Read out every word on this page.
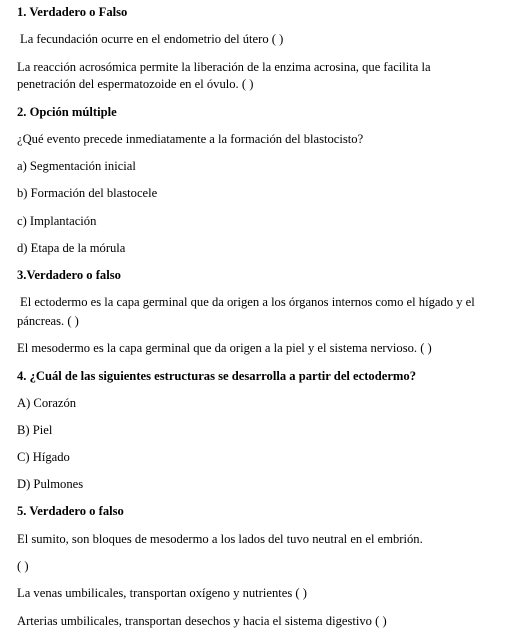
1. Verdadero o Falso
La fecundación ocurre en el endometrio del útero ( )
La reacción acrosómica permite la liberación de la enzima acrosina, que facilita la
penetración del espermatozoide en el óvulo. ( )
2. Opción múltiple
¿Qué evento precede inmediatamente a la formación del blastocisto?
a) Segmentación inicial
b) Formación del blastocele
c) Implantación
d) Etapa de la mórula
3.Verdadero o falso
El ectodermo es la capa germinal que da origen a los órganos internos como el hígado y el
páncreas. ( )
El mesodermo es la capa germinal que da origen a la piel y el sistema nervioso. ( )
4. ¿Cuál de las siguientes estructuras se desarrolla a partir del ectodermo?
A) Corazón
B) Piel
C) Hígado
D) Pulmones
5. Verdadero o falso
El sumito, son bloques de mesodermo a los lados del tuvo neutral en el embrión.
( )
La venas umbilicales, transportan oxígeno y nutrientes ( )
Arterias umbilicales, transportan desechos y hacia el sistema digestivo ( )
